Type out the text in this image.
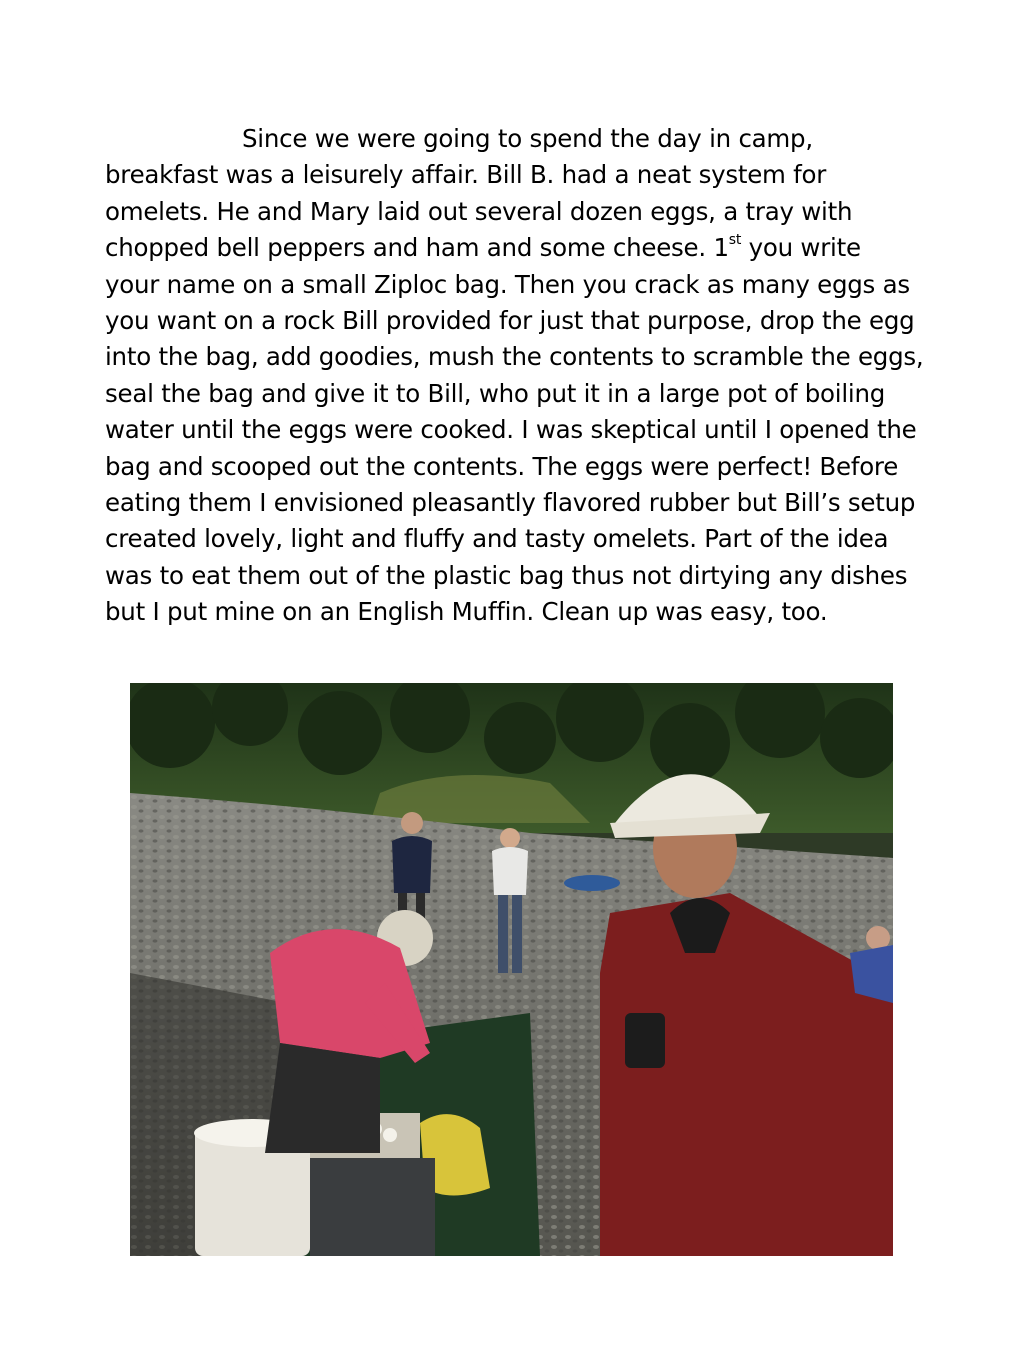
Since we were going to spend the day in camp,
breakfast was a leisurely affair. Bill B. had a neat system for
omelets. He and Mary laid out several dozen eggs, a tray with
chopped bell peppers and ham and some cheese. 1st you write
your name on a small Ziploc bag. Then you crack as many eggs as
you want on a rock Bill provided for just that purpose, drop the egg
into the bag, add goodies, mush the contents to scramble the eggs,
seal the bag and give it to Bill, who put it in a large pot of boiling
water until the eggs were cooked. I was skeptical until I opened the
bag and scooped out the contents. The eggs were perfect! Before
eating them I envisioned pleasantly flavored rubber but Bill’s setup
created lovely, light and fluffy and tasty omelets. Part of the idea
was to eat them out of the plastic bag thus not dirtying any dishes
but I put mine on an English Muffin. Clean up was easy, too.
